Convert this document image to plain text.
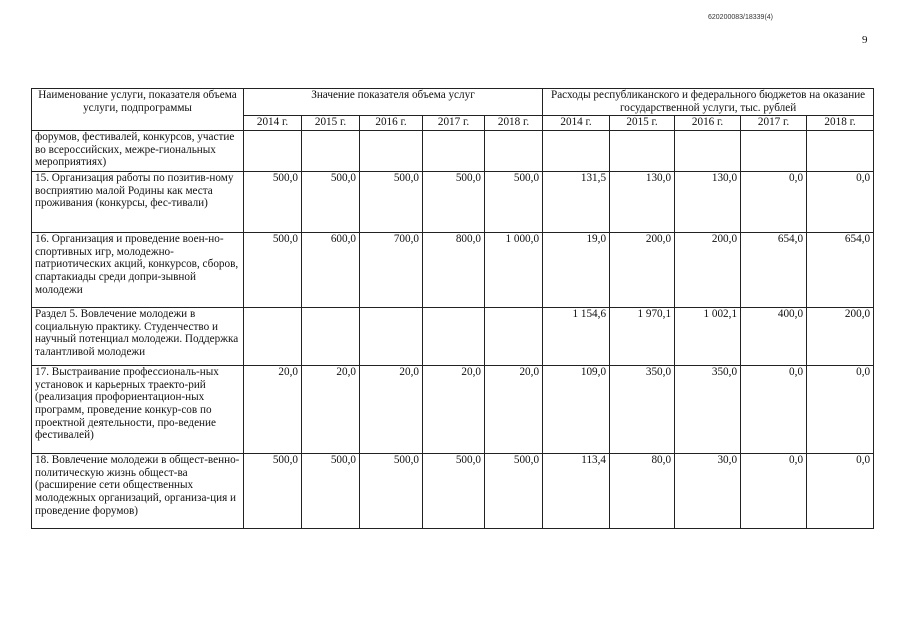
620200083/18339(4)
9
Наименование услуги, показателя объема услуги, подпрограммы	Значение показателя объема услуг					Расходы республиканского и федерального бюджетов на оказание государственной услуги, тыс. рублей				
	2014 г.	2015 г.	2016 г.	2017 г.	2018 г.	2014 г.	2015 г.	2016 г.	2017 г.	2018 г.
форумов, фестивалей, конкурсов, участие во всероссийских, межре-гиональных мероприятиях)										
15. Организация работы по позитив-ному восприятию малой Родины как места проживания (конкурсы, фес-тивали)	500,0	500,0	500,0	500,0	500,0	131,5	130,0	130,0	0,0	0,0
16. Организация и проведение воен-но-спортивных игр, молодежно-патриотических акций, конкурсов, сборов, спартакиады среди допри-зывной молодежи	500,0	600,0	700,0	800,0	1 000,0	19,0	200,0	200,0	654,0	654,0
Раздел 5. Вовлечение молодежи в социальную практику. Студенчество и научный потенциал молодежи. Поддержка талантливой молодежи						1 154,6	1 970,1	1 002,1	400,0	200,0
17. Выстраивание профессиональ-ных установок и карьерных траекто-рий (реализация профориентацион-ных программ, проведение конкур-сов по проектной деятельности, про-ведение фестивалей)	20,0	20,0	20,0	20,0	20,0	109,0	350,0	350,0	0,0	0,0
18. Вовлечение молодежи в общест-венно-политическую жизнь общест-ва (расширение сети общественных молодежных организаций, организа-ция и проведение форумов)	500,0	500,0	500,0	500,0	500,0	113,4	80,0	30,0	0,0	0,0
